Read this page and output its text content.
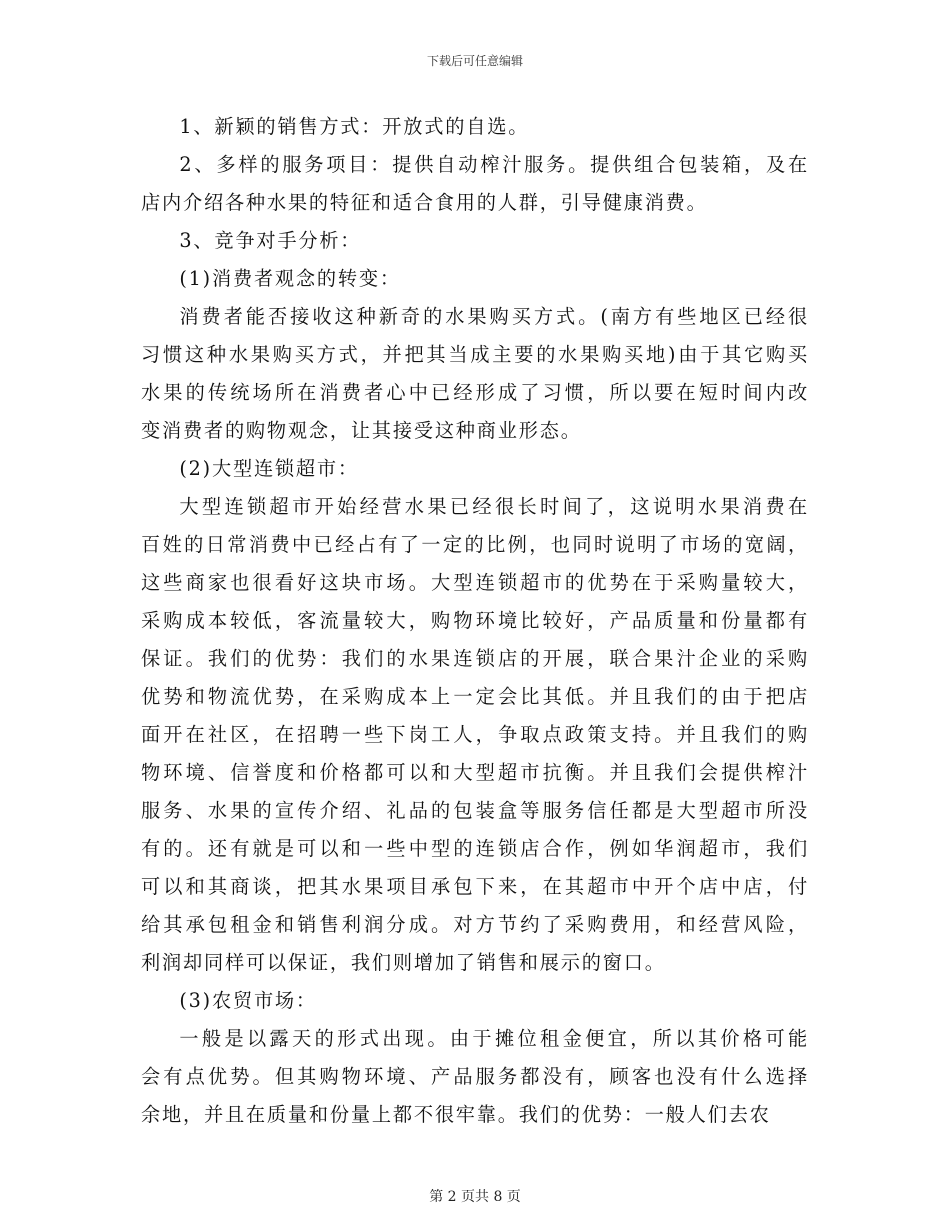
下载后可任意编辑
1、新颖的销售方式：开放式的自选。
2、多样的服务项目：提供自动榨汁服务。提供组合包装箱，及在
店内介绍各种水果的特征和适合食用的人群，引导健康消费。
3、竞争对手分析：
(1)消费者观念的转变：
消费者能否接收这种新奇的水果购买方式。(南方有些地区已经很
习惯这种水果购买方式，并把其当成主要的水果购买地)由于其它购买
水果的传统场所在消费者心中已经形成了习惯，所以要在短时间内改
变消费者的购物观念，让其接受这种商业形态。
(2)大型连锁超市：
大型连锁超市开始经营水果已经很长时间了，这说明水果消费在
百姓的日常消费中已经占有了一定的比例，也同时说明了市场的宽阔，
这些商家也很看好这块市场。大型连锁超市的优势在于采购量较大，
采购成本较低，客流量较大，购物环境比较好，产品质量和份量都有
保证。我们的优势：我们的水果连锁店的开展，联合果汁企业的采购
优势和物流优势，在采购成本上一定会比其低。并且我们的由于把店
面开在社区，在招聘一些下岗工人，争取点政策支持。并且我们的购
物环境、信誉度和价格都可以和大型超市抗衡。并且我们会提供榨汁
服务、水果的宣传介绍、礼品的包装盒等服务信任都是大型超市所没
有的。还有就是可以和一些中型的连锁店合作，例如华润超市，我们
可以和其商谈，把其水果项目承包下来，在其超市中开个店中店，付
给其承包租金和销售利润分成。对方节约了采购费用，和经营风险，
利润却同样可以保证，我们则增加了销售和展示的窗口。
(3)农贸市场：
一般是以露天的形式出现。由于摊位租金便宜，所以其价格可能
会有点优势。但其购物环境、产品服务都没有，顾客也没有什么选择
余地，并且在质量和份量上都不很牢靠。我们的优势：一般人们去农
第 2 页共 8 页
